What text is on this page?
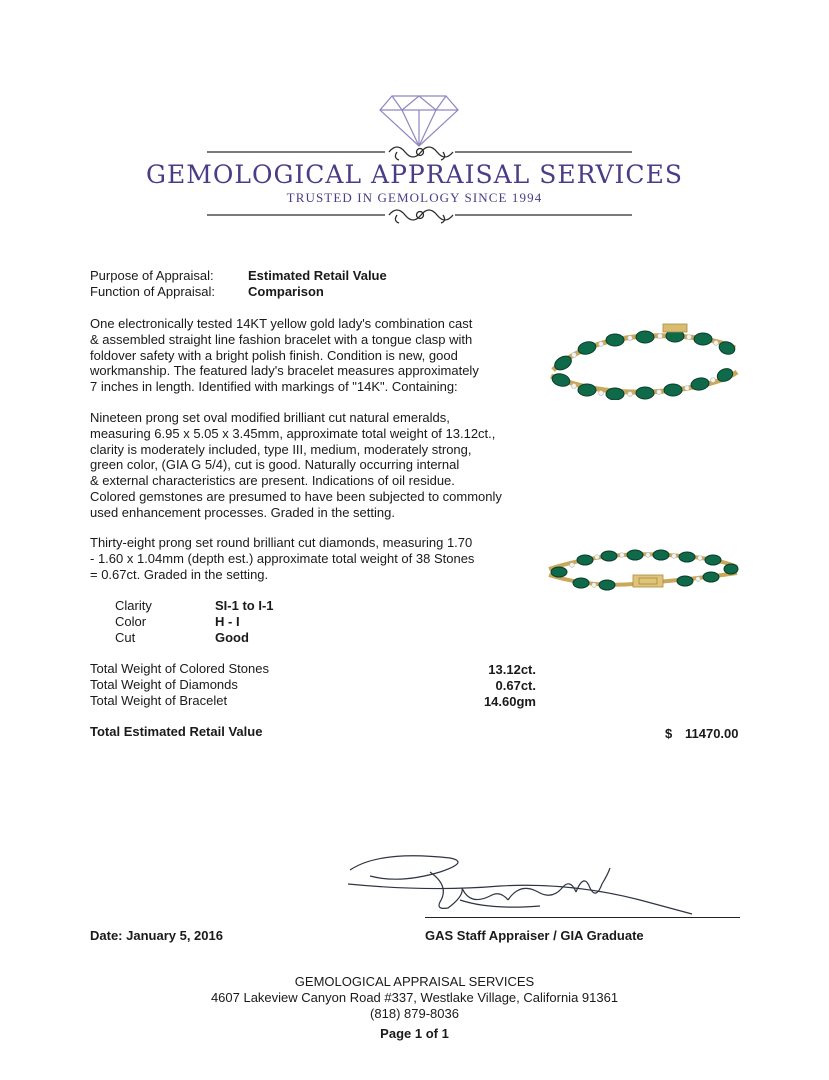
GEMOLOGICAL APPRAISAL SERVICES
TRUSTED IN GEMOLOGY SINCE 1994
Purpose of Appraisal:	Estimated Retail Value
Function of Appraisal:	Comparison

One electronically tested 14KT yellow gold lady's combination cast

& assembled straight line fashion bracelet with a tongue clasp with

foldover safety with a bright polish finish. Condition is new, good

workmanship. The featured lady's bracelet measures approximately

7 inches in length. Identified with markings of "14K". Containing:

Nineteen prong set oval modified brilliant cut natural emeralds,

measuring 6.95 x 5.05 x 3.45mm, approximate total weight of 13.12ct.,

clarity is moderately included, type III, medium, moderately strong,

green color, (GIA G 5/4), cut is good. Naturally occurring internal

& external characteristics are present. Indications of oil residue.

Colored gemstones are presumed to have been subjected to commonly

used enhancement processes. Graded in the setting.

Thirty-eight prong set round brilliant cut diamonds, measuring 1.70

- 1.60 x 1.04mm (depth est.) approximate total weight of 38 Stones

= 0.67ct. Graded in the setting.

Clarity	SI-1 to I-1
Color	H - I
Cut	Good
Total Weight of Colored Stones	13.12ct.
Total Weight of Diamonds	0.67ct.
Total Weight of Bracelet	14.60gm
Total Estimated Retail Value	$ 11470.00
Date: January 5, 2016	GAS Staff Appraiser / GIA Graduate
GEMOLOGICAL APPRAISAL SERVICES
4607 Lakeview Canyon Road #337, Westlake Village, California 91361
(818) 879-8036
Page 1 of 1
